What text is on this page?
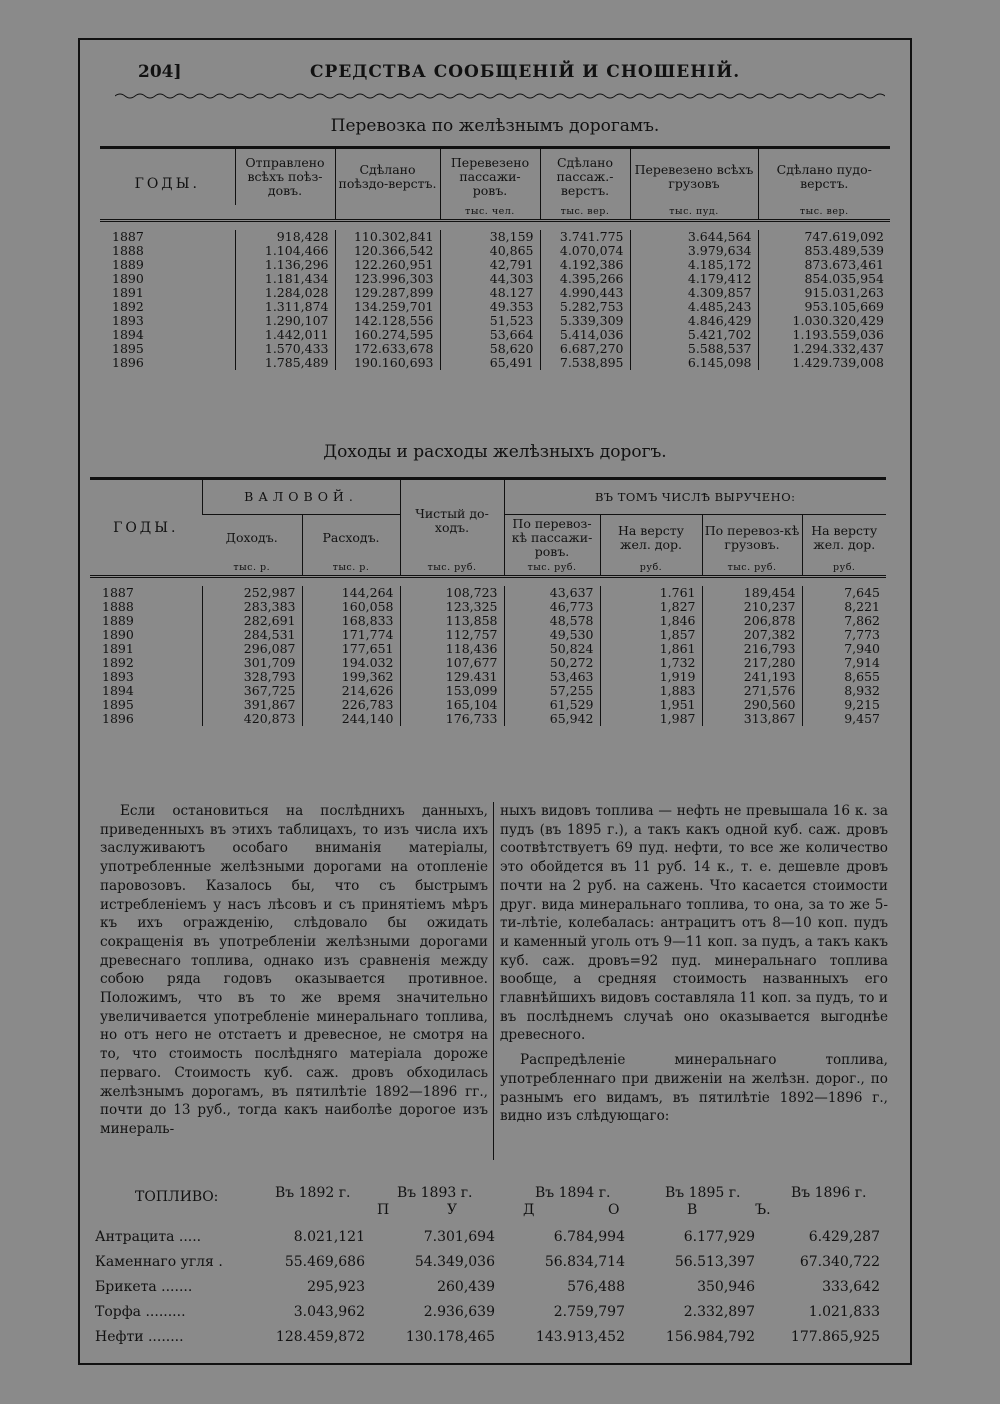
204]	СРЕДСТВА СООБЩЕНІЙ И СНОШЕНІЙ.
Перевозка по желѣзнымъ дорогамъ.
ГОДЫ.	Отправлено всѣхъ поѣз-довъ.	Сдѣлано поѣздо-верстъ.	Перевезено пассажи-ровъ.	Сдѣлано пассаж.-верстъ.	Перевезено всѣхъ грузовъ	Сдѣлано пудо-верстъ.
			тыс. чел.	тыс. вер.	тыс. пуд.	тыс. вер.

1887	918,428	110.302,841	38,159	3.741.775	3.644,564	747.619,092
1888	1.104,466	120.366,542	40,865	4.070,074	3.979,634	853.489,539
1889	1.136,296	122.260,951	42,791	4.192,386	4.185,172	873.673,461
1890	1.181,434	123.996,303	44,303	4.395,266	4.179,412	854.035,954
1891	1.284,028	129.287,899	48.127	4.990,443	4.309,857	915.031,263
1892	1.311,874	134.259,701	49.353	5.282,753	4.485,243	953.105,669
1893	1.290,107	142.128,556	51,523	5.339,309	4.846,429	1.030.320,429
1894	1.442,011	160.274,595	53,664	5.414,036	5.421,702	1.193.559,036
1895	1.570,433	172.633,678	58,620	6.687,270	5.588,537	1.294.332,437
1896	1.785,489	190.160,693	65,491	7.538,895	6.145,098	1.429.739,008

Доходы и расходы желѣзныхъ дорогъ.
ГОДЫ.	ВАЛОВОЙ.		Чистый до-ходъ.	ВЪ ТОМЪ ЧИСЛѢ ВЫРУЧЕНО:			
	Доходъ.	Расходъ.		По перевоз-кѣ пассажи-ровъ.	На версту жел. дор.	По перевоз-кѣ грузовъ.	На версту жел. дор.
	тыс. р.	тыс. р.	тыс. руб.	тыс. руб.	руб.	тыс. руб.	руб.

1887	252,987	144,264	108,723	43,637	1.761	189,454	7,645
1888	283,383	160,058	123,325	46,773	1,827	210,237	8,221
1889	282,691	168,833	113,858	48,578	1,846	206,878	7,862
1890	284,531	171,774	112,757	49,530	1,857	207,382	7,773
1891	296,087	177,651	118,436	50,824	1,861	216,793	7,940
1892	301,709	194.032	107,677	50,272	1,732	217,280	7,914
1893	328,793	199,362	129.431	53,463	1,919	241,193	8,655
1894	367,725	214,626	153,099	57,255	1,883	271,576	8,932
1895	391,867	226,783	165,104	61,529	1,951	290,560	9,215
1896	420,873	244,140	176,733	65,942	1,987	313,867	9,457

Если остановиться на послѣднихъ данныхъ, приведенныхъ въ этихъ таблицахъ, то изъ числа ихъ заслуживаютъ особаго вниманія матеріалы, употребленные желѣзными дорогами на отопленіе паровозовъ. Казалось бы, что съ быстрымъ истребленіемъ у насъ лѣсовъ и съ принятіемъ мѣръ къ ихъ огражденію, слѣдовало бы ожидать сокращенія въ употребленіи желѣзными дорогами древеснаго топлива, однако изъ сравненія между собою ряда годовъ оказывается противное. Положимъ, что въ то же время значительно увеличивается употребленіе минеральнаго топлива, но отъ него не отстаетъ и древесное, не смотря на то, что стоимость послѣдняго матеріала дороже перваго. Стоимость куб. саж. дровъ обходилась желѣзнымъ дорогамъ, въ пятилѣтіе 1892—1896 гг., почти до 13 руб., тогда какъ наиболѣе дорогое изъ минераль-

ныхъ видовъ топлива — нефть не превышала 16 к. за пудъ (въ 1895 г.), а такъ какъ одной куб. саж. дровъ соотвѣтствуетъ 69 пуд. нефти, то все же количество это обойдется въ 11 руб. 14 к., т. е. дешевле дровъ почти на 2 руб. на сажень. Что касается стоимости друг. вида минеральнаго топлива, то она, за то же 5-ти-лѣтіе, колебалась: антрацитъ отъ 8—10 коп. пудъ и каменный уголь отъ 9—11 коп. за пудъ, а такъ какъ куб. саж. дровъ=92 пуд. минеральнаго топлива вообще, а средняя стоимость названныхъ его главнѣйшихъ видовъ составляла 11 коп. за пудъ, то и въ послѣднемъ случаѣ оно оказывается выгоднѣе древесного.

Распредѣленіе минеральнаго топлива, употребленнаго при движеніи на желѣзн. дорог., по разнымъ его видамъ, въ пятилѣтіе 1892—1896 г., видно изъ слѣдующаго:

ТОПЛИВО:	Въ 1892 г.	Въ 1893 г.	Въ 1894 г.	Въ 1895 г.	Въ 1896 г.
П	У	Д	О	В	Ъ.
Антрацита .....	8.021,121	7.301,694	6.784,994	6.177,929	6.429,287
Каменнаго угля .	55.469,686	54.349,036	56.834,714	56.513,397	67.340,722
Брикета .......	295,923	260,439	576,488	350,946	333,642
Торфа .........	3.043,962	2.936,639	2.759,797	2.332,897	1.021,833
Нефти ........	128.459,872	130.178,465	143.913,452	156.984,792	177.865,925
